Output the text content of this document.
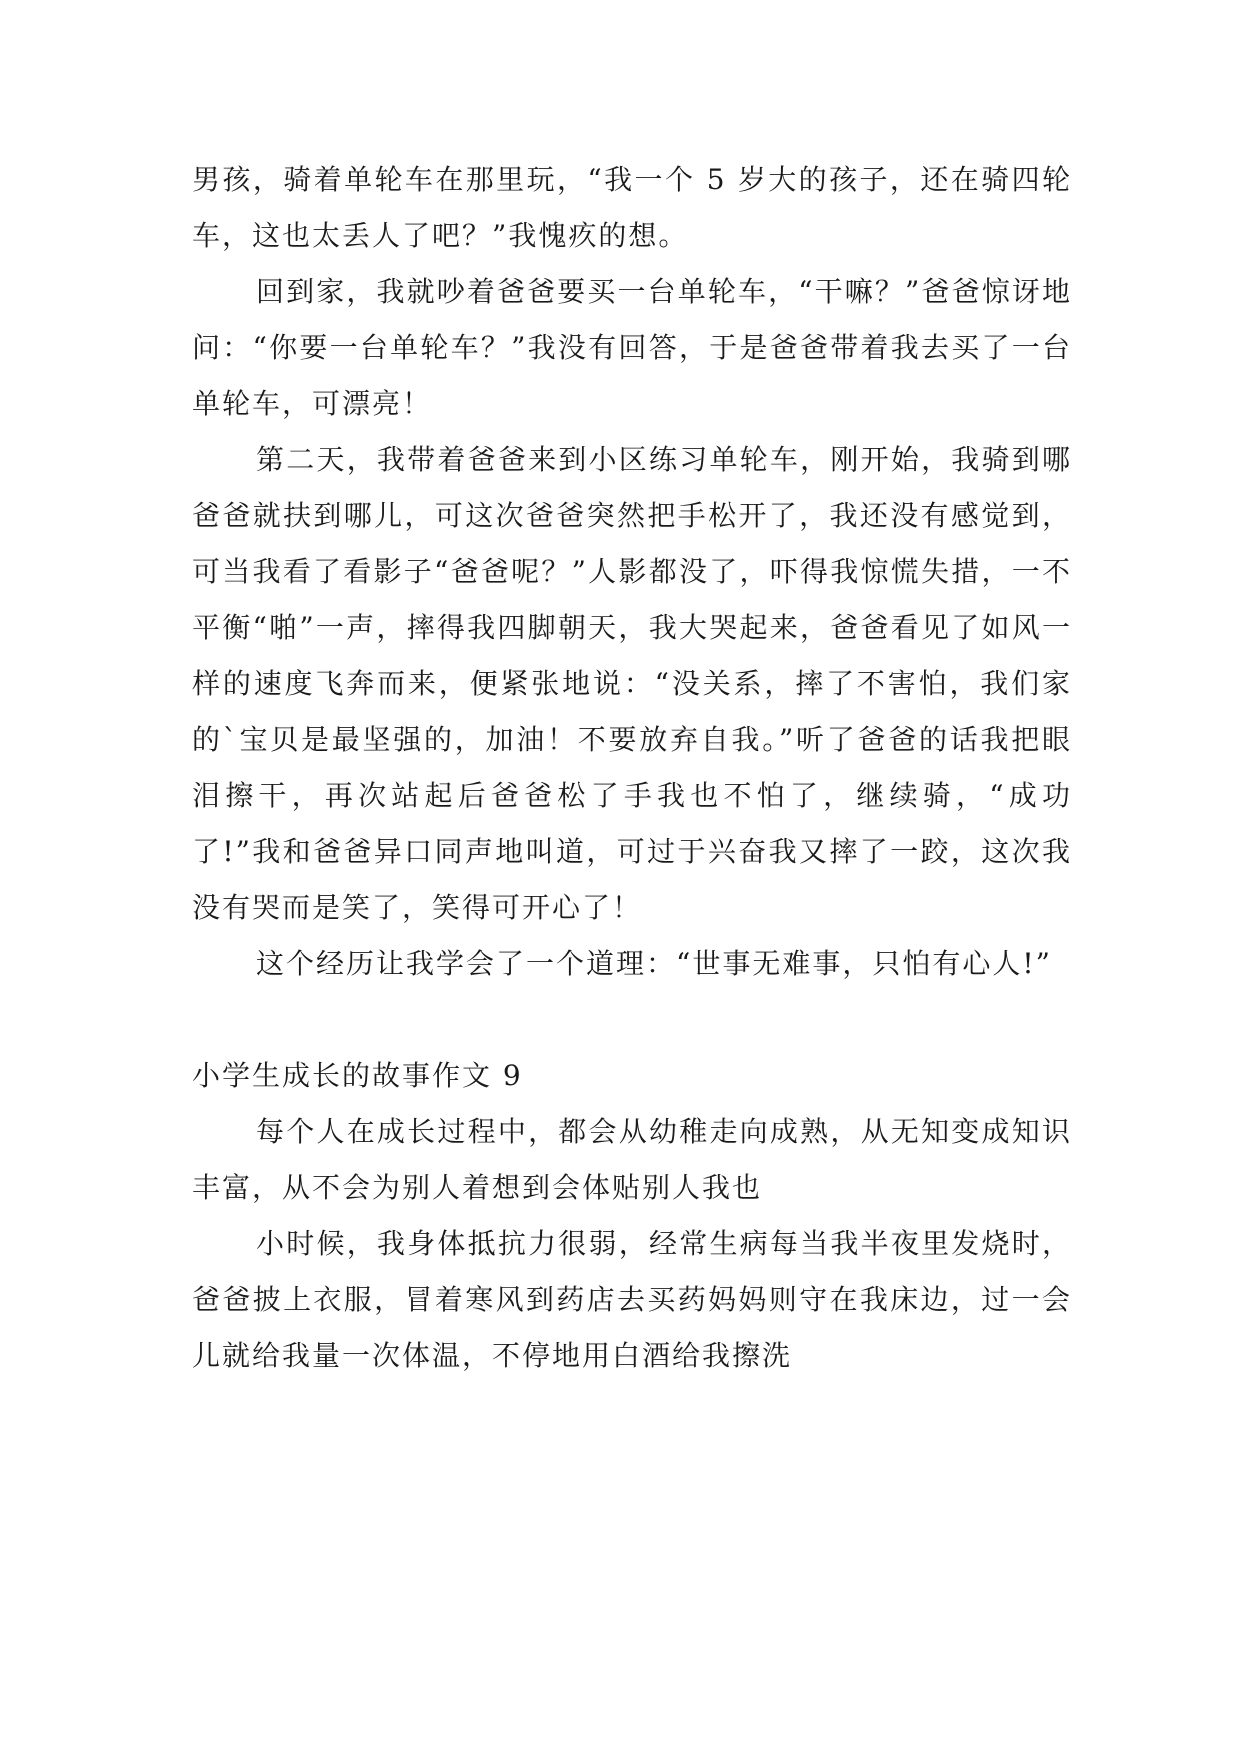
男孩，骑着单轮车在那里玩，“我一个 5 岁大的孩子，还在骑四轮车，这也太丢人了吧？”我愧疚的想。

回到家，我就吵着爸爸要买一台单轮车，“干嘛？”爸爸惊讶地问：“你要一台单轮车？”我没有回答，于是爸爸带着我去买了一台单轮车，可漂亮！

第二天，我带着爸爸来到小区练习单轮车，刚开始，我骑到哪爸爸就扶到哪儿，可这次爸爸突然把手松开了，我还没有感觉到，可当我看了看影子“爸爸呢？”人影都没了，吓得我惊慌失措，一不平衡“啪”一声，摔得我四脚朝天，我大哭起来，爸爸看见了如风一样的速度飞奔而来，便紧张地说：“没关系，摔了不害怕，我们家的`宝贝是最坚强的，加油！不要放弃自我。”听了爸爸的话我把眼泪擦干，再次站起后爸爸松了手我也不怕了，继续骑，“成功了!”我和爸爸异口同声地叫道，可过于兴奋我又摔了一跤，这次我没有哭而是笑了，笑得可开心了！

这个经历让我学会了一个道理：“世事无难事，只怕有心人!”

小学生成长的故事作文 9

每个人在成长过程中，都会从幼稚走向成熟，从无知变成知识丰富，从不会为别人着想到会体贴别人我也

小时候，我身体抵抗力很弱，经常生病每当我半夜里发烧时，爸爸披上衣服，冒着寒风到药店去买药妈妈则守在我床边，过一会儿就给我量一次体温，不停地用白酒给我擦洗
